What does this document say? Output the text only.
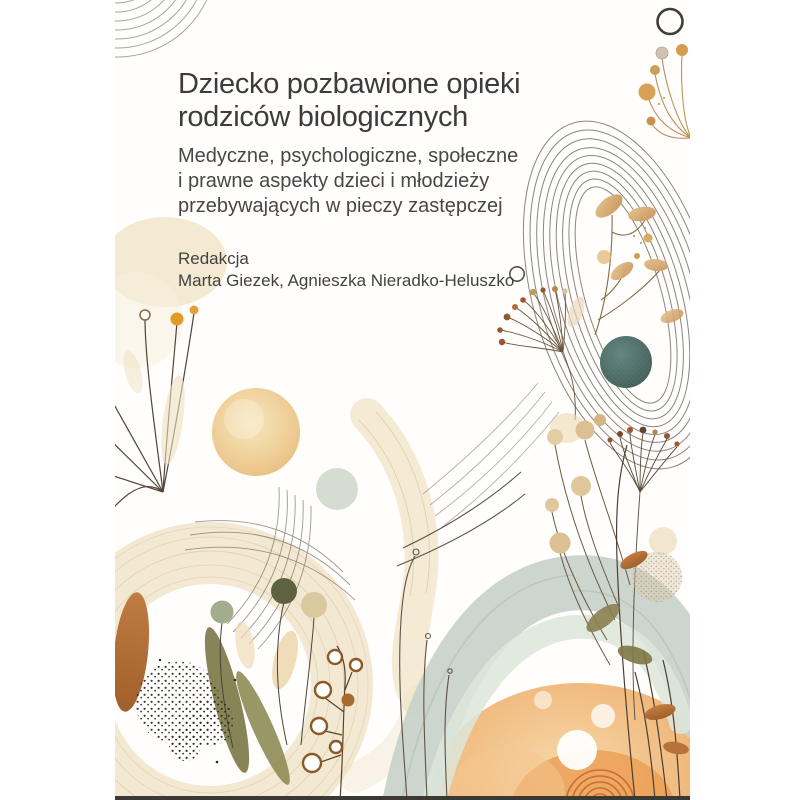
Dziecko pozbawione opieki
rodziców biologicznych
Medyczne, psychologiczne, społeczne
i prawne aspekty dzieci i młodzieży
przebywających w pieczy zastępczej
Redakcja
Marta Giezek, Agnieszka Nieradko-Heluszko
